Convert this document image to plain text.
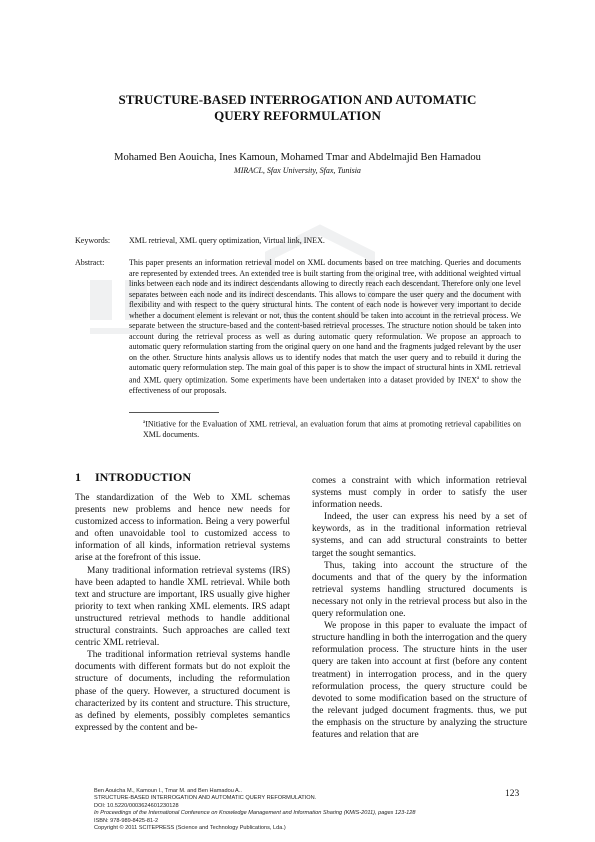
STRUCTURE-BASED INTERROGATION AND AUTOMATIC
QUERY REFORMULATION
Mohamed Ben Aouicha, Ines Kamoun, Mohamed Tmar and Abdelmajid Ben Hamadou
MIRACL, Sfax University, Sfax, Tunisia
Keywords: XML retrieval, XML query optimization, Virtual link, INEX.
Abstract:	This paper presents an information retrieval model on XML documents based on tree matching. Queries and documents are represented by extended trees. An extended tree is built starting from the original tree, with additional weighted virtual links between each node and its indirect descendants allowing to directly reach each descendant. Therefore only one level separates between each node and its indirect descendants. This allows to compare the user query and the document with flexibility and with respect to the query structural hints. The content of each node is however very important to decide whether a document element is relevant or not, thus the content should be taken into account in the retrieval process. We separate between the structure-based and the content-based retrieval processes. The structure notion should be taken into account during the retrieval process as well as during automatic query reformulation. We propose an approach to automatic query reformulation starting from the original query on one hand and the fragments judged relevant by the user on the other. Structure hints analysis allows us to identify nodes that match the user query and to rebuild it during the automatic query reformulation step. The main goal of this paper is to show the impact of structural hints in XML retrieval and XML query optimization. Some experiments have been undertaken into a dataset provided by INEX$^a$ to show the effectiveness of our proposals.
$^a$INitiative for the Evaluation of XML retrieval, an evaluation forum that aims at promoting retrieval capabilities on XML documents.
1 INTRODUCTION

The standardization of the Web to XML schemas presents new problems and hence new needs for customized access to information. Being a very powerful and often unavoidable tool to customized access to information of all kinds, information retrieval systems arise at the forefront of this issue.

Many traditional information retrieval systems (IRS) have been adapted to handle XML retrieval. While both text and structure are important, IRS usually give higher priority to text when ranking XML elements. IRS adapt unstructured retrieval methods to handle additional structural constraints. Such approaches are called text centric XML retrieval.

The traditional information retrieval systems handle documents with different formats but do not exploit the structure of documents, including the reformulation phase of the query. However, a structured document is characterized by its content and structure. This structure, as defined by elements, possibly completes semantics expressed by the content and be-

comes a constraint with which information retrieval systems must comply in order to satisfy the user information needs.

Indeed, the user can express his need by a set of keywords, as in the traditional information retrieval systems, and can add structural constraints to better target the sought semantics.

Thus, taking into account the structure of the documents and that of the query by the information retrieval systems handling structured documents is necessary not only in the retrieval process but also in the query reformulation one.

We propose in this paper to evaluate the impact of structure handling in both the interrogation and the query reformulation process. The structure hints in the user query are taken into account at first (before any content treatment) in interrogation process, and in the query reformulation process, the query structure could be devoted to some modification based on the structure of the relevant judged document fragments. thus, we put the emphasis on the structure by analyzing the structure features and relation that are

Ben Aouicha M., Kamoun I., Tmar M. and Ben Hamadou A..
STRUCTURE-BASED INTERROGATION AND AUTOMATIC QUERY REFORMULATION.
DOI: 10.5220/0003624601230128
In Proceedings of the International Conference on Knowledge Management and Information Sharing (KMIS-2011), pages 123-128
ISBN: 978-989-8425-81-2
Copyright © 2011 SCITEPRESS (Science and Technology Publications, Lda.)
123
